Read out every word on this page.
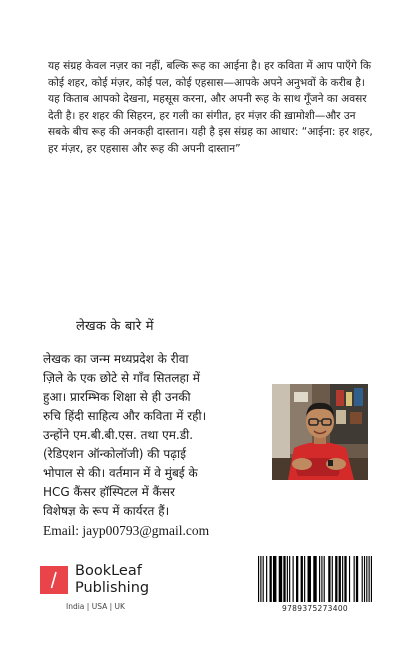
यह संग्रह केवल नज़र का नहीं, बल्कि रूह का आईना है। हर कविता में आप पाएँगे कि कोई शहर, कोई मंज़र, कोई पल, कोई एहसास—आपके अपने अनुभवों के करीब है। यह किताब आपको देखना, महसूस करना, और अपनी रूह के साथ गूँजने का अवसर देती है। हर शहर की सिहरन, हर गली का संगीत, हर मंज़र की ख़ामोशी—और उन सबके बीच रूह की अनकही दास्तान। यही है इस संग्रह का आधार: “आईना: हर शहर, हर मंज़र, हर एहसास और रूह की अपनी दास्तान”
लेखक के बारे में
लेखक का जन्म मध्यप्रदेश के रीवा
ज़िले के एक छोटे से गाँव सितलहा में
हुआ। प्रारम्भिक शिक्षा से ही उनकी
रुचि हिंदी साहित्य और कविता में रही।
उन्होंने एम.बी.बी.एस. तथा एम.डी.
(रेडिएशन ऑन्कोलॉजी) की पढ़ाई
भोपाल से की। वर्तमान में वे मुंबई के
HCG कैंसर हॉस्पिटल में कैंसर
विशेषज्ञ के रूप में कार्यरत हैं।
Email: jayp00793@gmail.com
BookLeaf
Publishing
India | USA | UK	9789375273400
